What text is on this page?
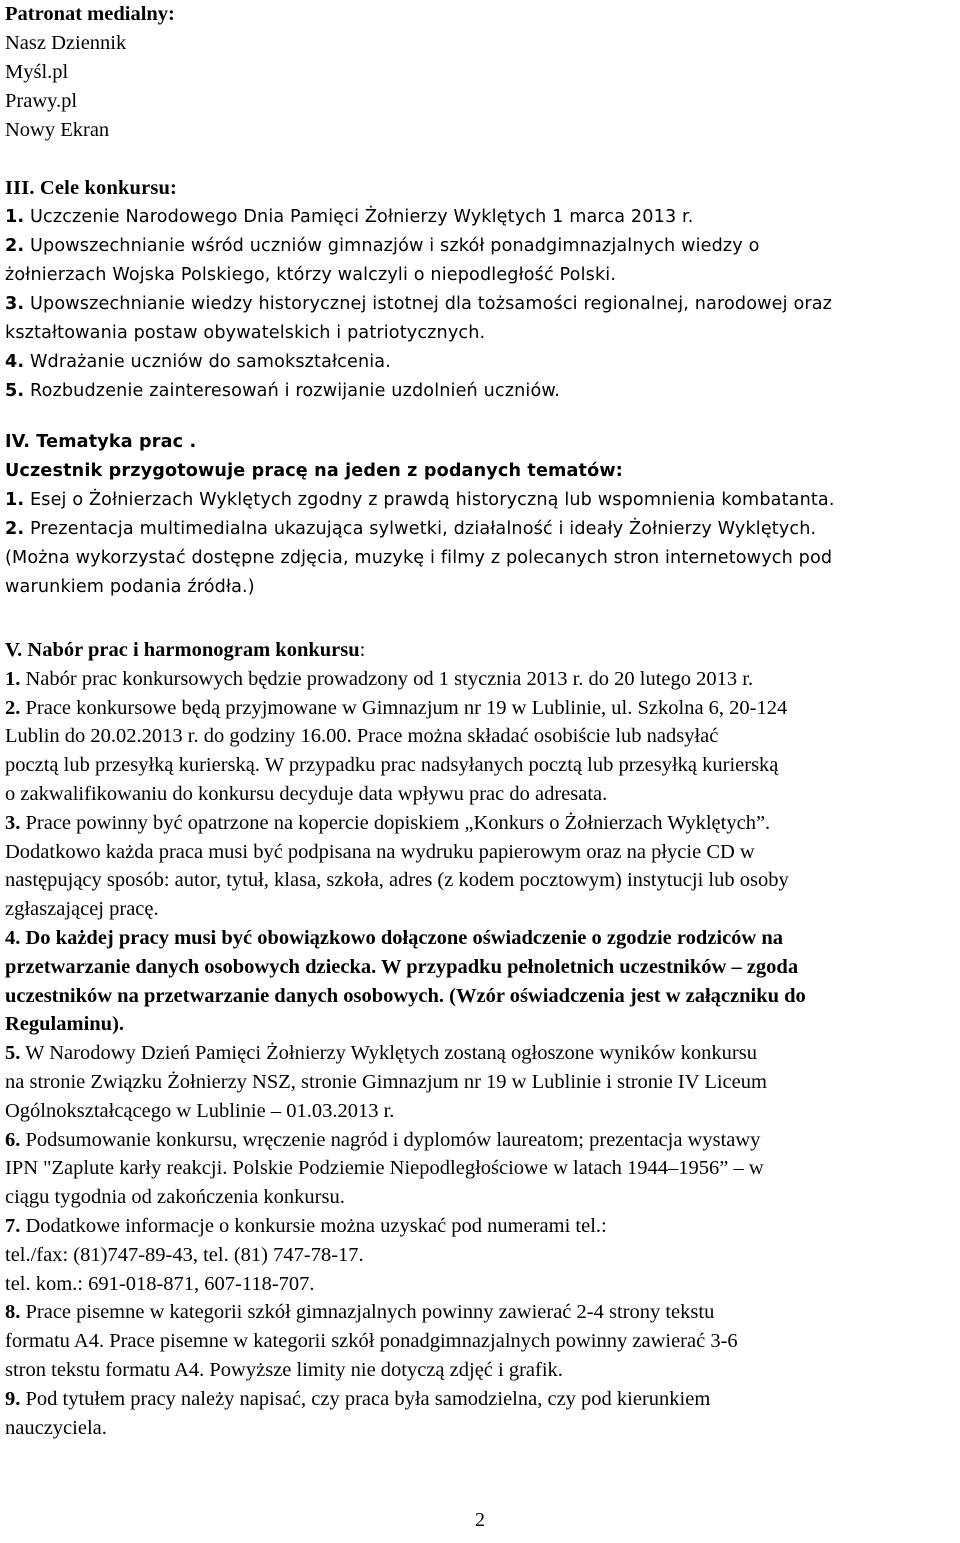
Patronat medialny:
Nasz Dziennik
Myśl.pl
Prawy.pl
Nowy Ekran
III. Cele konkursu:
1. Uczczenie Narodowego Dnia Pamięci Żołnierzy Wyklętych 1 marca 2013 r.
2. Upowszechnianie wśród uczniów gimnazjów i szkół ponadgimnazjalnych wiedzy o
żołnierzach Wojska Polskiego, którzy walczyli o niepodległość Polski.
3. Upowszechnianie wiedzy historycznej istotnej dla tożsamości regionalnej, narodowej oraz
kształtowania postaw obywatelskich i patriotycznych.
4. Wdrażanie uczniów do samokształcenia.
5. Rozbudzenie zainteresowań i rozwijanie uzdolnień uczniów.
IV. Tematyka prac .
Uczestnik przygotowuje pracę na jeden z podanych tematów:
1. Esej o Żołnierzach Wyklętych zgodny z prawdą historyczną lub wspomnienia kombatanta.
2. Prezentacja multimedialna ukazująca sylwetki, działalność i ideały Żołnierzy Wyklętych.
(Można wykorzystać dostępne zdjęcia, muzykę i filmy z polecanych stron internetowych pod
warunkiem podania źródła.)
V. Nabór prac i harmonogram konkursu:
1. Nabór prac konkursowych będzie prowadzony od 1 stycznia 2013 r. do 20 lutego 2013 r.
2. Prace konkursowe będą przyjmowane w Gimnazjum nr 19 w Lublinie, ul. Szkolna 6, 20-124
Lublin do 20.02.2013 r. do godziny 16.00. Prace można składać osobiście lub nadsyłać
pocztą lub przesyłką kurierską. W przypadku prac nadsyłanych pocztą lub przesyłką kurierską
o zakwalifikowaniu do konkursu decyduje data wpływu prac do adresata.
3. Prace powinny być opatrzone na kopercie dopiskiem „Konkurs o Żołnierzach Wyklętych”.
Dodatkowo każda praca musi być podpisana na wydruku papierowym oraz na płycie CD w
następujący sposób: autor, tytuł, klasa, szkoła, adres (z kodem pocztowym) instytucji lub osoby
zgłaszającej pracę.
4. Do każdej pracy musi być obowiązkowo dołączone oświadczenie o zgodzie rodziców na
przetwarzanie danych osobowych dziecka. W przypadku pełnoletnich uczestników – zgoda
uczestników na przetwarzanie danych osobowych. (Wzór oświadczenia jest w załączniku do
Regulaminu).
5. W Narodowy Dzień Pamięci Żołnierzy Wyklętych zostaną ogłoszone wyników konkursu
na stronie Związku Żołnierzy NSZ, stronie Gimnazjum nr 19 w Lublinie i stronie IV Liceum
Ogólnokształcącego w Lublinie – 01.03.2013 r.
6. Podsumowanie konkursu, wręczenie nagród i dyplomów laureatom; prezentacja wystawy
IPN "Zaplute karły reakcji. Polskie Podziemie Niepodległościowe w latach 1944–1956” – w
ciągu tygodnia od zakończenia konkursu.
7. Dodatkowe informacje o konkursie można uzyskać pod numerami tel.:
tel./fax: (81)747-89-43, tel. (81) 747-78-17.
tel. kom.: 691-018-871, 607-118-707.
8. Prace pisemne w kategorii szkół gimnazjalnych powinny zawierać 2-4 strony tekstu
formatu A4. Prace pisemne w kategorii szkół ponadgimnazjalnych powinny zawierać 3-6
stron tekstu formatu A4. Powyższe limity nie dotyczą zdjęć i grafik.
9. Pod tytułem pracy należy napisać, czy praca była samodzielna, czy pod kierunkiem
nauczyciela.
2
